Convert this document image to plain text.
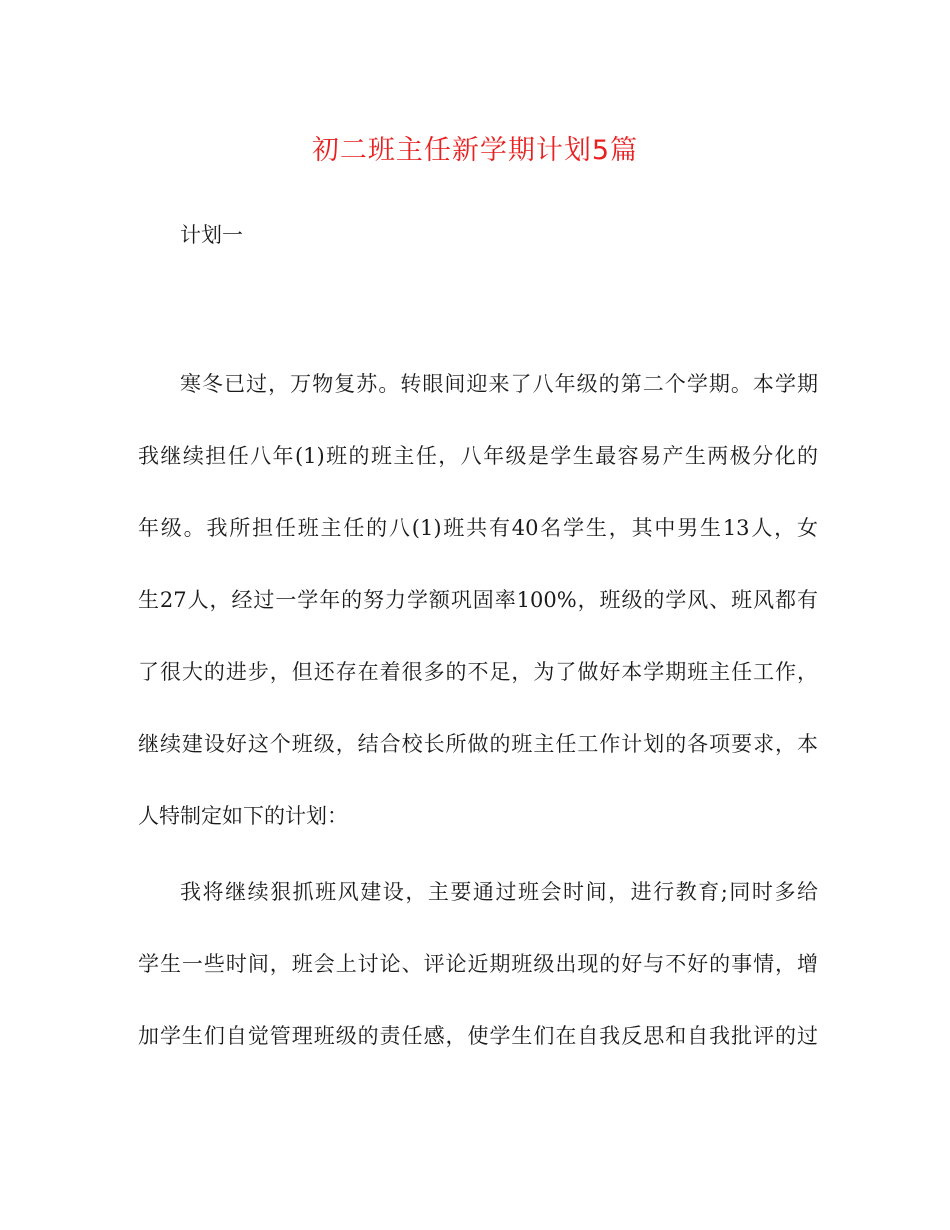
初二班主任新学期计划5篇
计划一
寒冬已过，万物复苏。转眼间迎来了八年级的第二个学期。本学期
我继续担任八年(1)班的班主任，八年级是学生最容易产生两极分化的
年级。我所担任班主任的八(1)班共有40名学生，其中男生13人，女
生27人，经过一学年的努力学额巩固率100%，班级的学风、班风都有
了很大的进步，但还存在着很多的不足，为了做好本学期班主任工作，
继续建设好这个班级，结合校长所做的班主任工作计划的各项要求，本
人特制定如下的计划：
我将继续狠抓班风建设，主要通过班会时间，进行教育;同时多给
学生一些时间，班会上讨论、评论近期班级出现的好与不好的事情，增
加学生们自觉管理班级的责任感，使学生们在自我反思和自我批评的过
